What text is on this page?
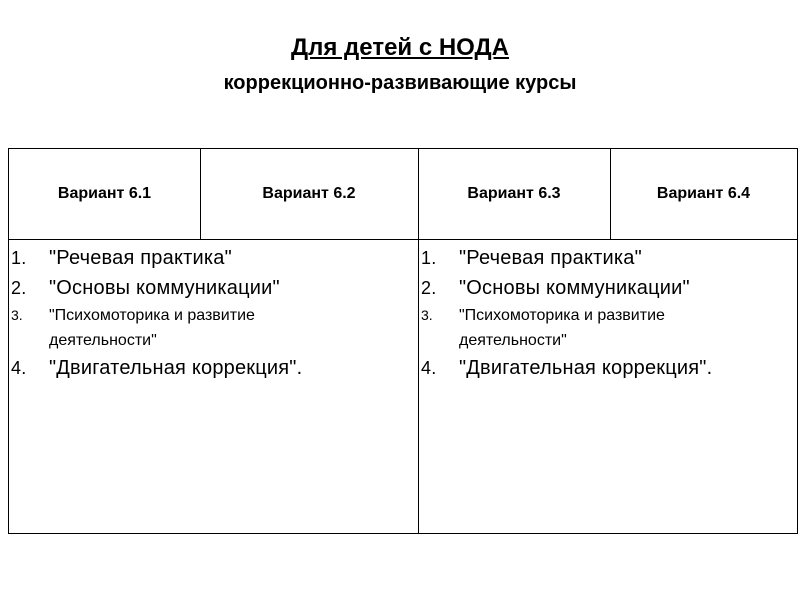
Для детей с НОДА
коррекционно-развивающие курсы
Вариант 6.1	Вариант 6.2	Вариант 6.3	Вариант 6.4
1. "Речевая практика"
2. "Основы коммуникации"
3. "Психомоторика и развитие деятельности"
4. "Двигательная коррекция".
1. "Речевая практика"
2. "Основы коммуникации"
3. "Психомоторика и развитие деятельности"
4. "Двигательная коррекция".
